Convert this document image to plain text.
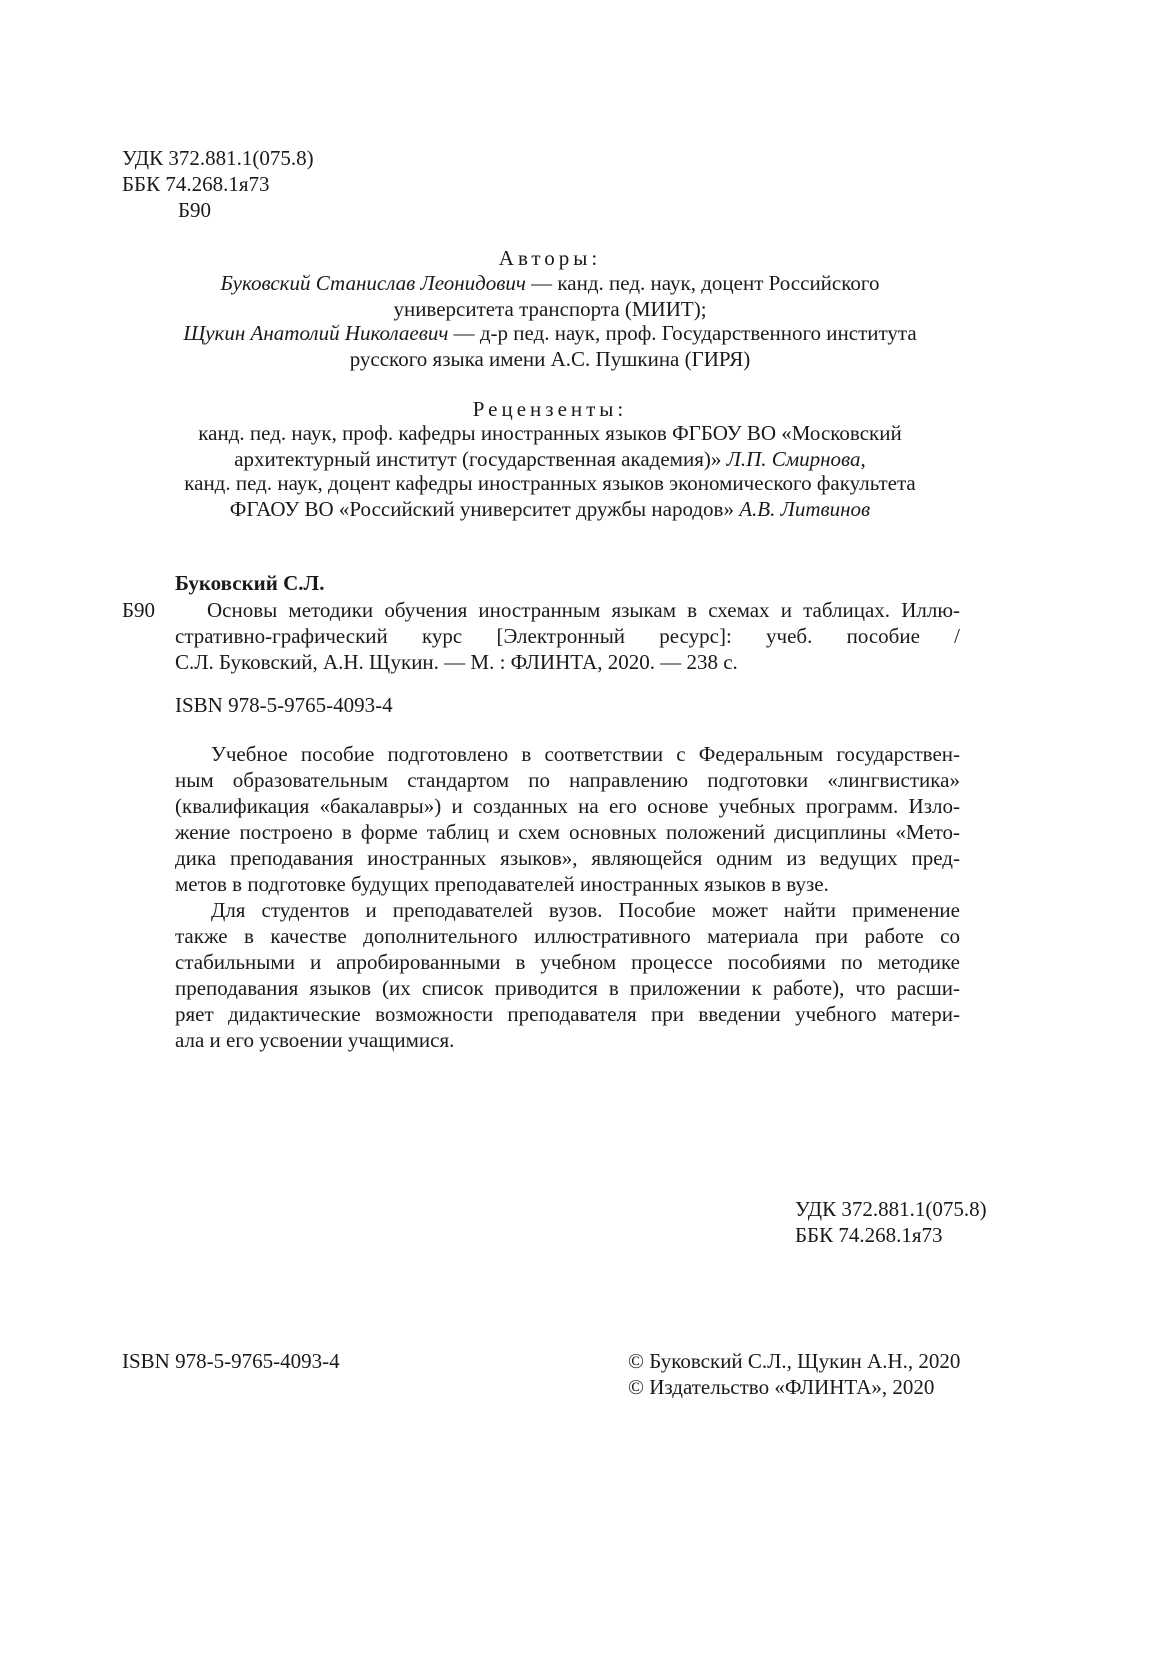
УДК 372.881.1(075.8)
ББК 74.268.1я73
Б90
Авторы:
Буковский Станислав Леонидович — канд. пед. наук, доцент Российского
университета транспорта (МИИТ);
Щукин Анатолий Николаевич — д-р пед. наук, проф. Государственного института
русского языка имени А.С. Пушкина (ГИРЯ)
Рецензенты:
канд. пед. наук, проф. кафедры иностранных языков ФГБОУ ВО «Московский
архитектурный институт (государственная академия)» Л.П. Смирнова,
канд. пед. наук, доцент кафедры иностранных языков экономического факультета
ФГАОУ ВО «Российский университет дружбы народов» А.В. Литвинов
Буковский С.Л.
Б90	Основы методики обучения иностранным языкам в схемах и таблицах. Иллю-
стративно-графический курс [Электронный ресурс]: учеб. пособие /
С.Л. Буковский, А.Н. Щукин. — М. : ФЛИНТА, 2020. — 238 с.
ISBN 978-5-9765-4093-4
Учебное пособие подготовлено в соответствии с Федеральным государствен-
ным образовательным стандартом по направлению подготовки «лингвистика»
(квалификация «бакалавры») и созданных на его основе учебных программ. Изло-
жение построено в форме таблиц и схем основных положений дисциплины «Мето-
дика преподавания иностранных языков», являющейся одним из ведущих пред-
метов в подготовке будущих преподавателей иностранных языков в вузе.
Для студентов и преподавателей вузов. Пособие может найти применение
также в качестве дополнительного иллюстративного материала при работе со
стабильными и апробированными в учебном процессе пособиями по методике
преподавания языков (их список приводится в приложении к работе), что расши-
ряет дидактические возможности преподавателя при введении учебного матери-
ала и его усвоении учащимися.
УДК 372.881.1(075.8)
ББК 74.268.1я73
ISBN 978-5-9765-4093-4	© Буковский С.Л., Щукин А.Н., 2020
© Издательство «ФЛИНТА», 2020
